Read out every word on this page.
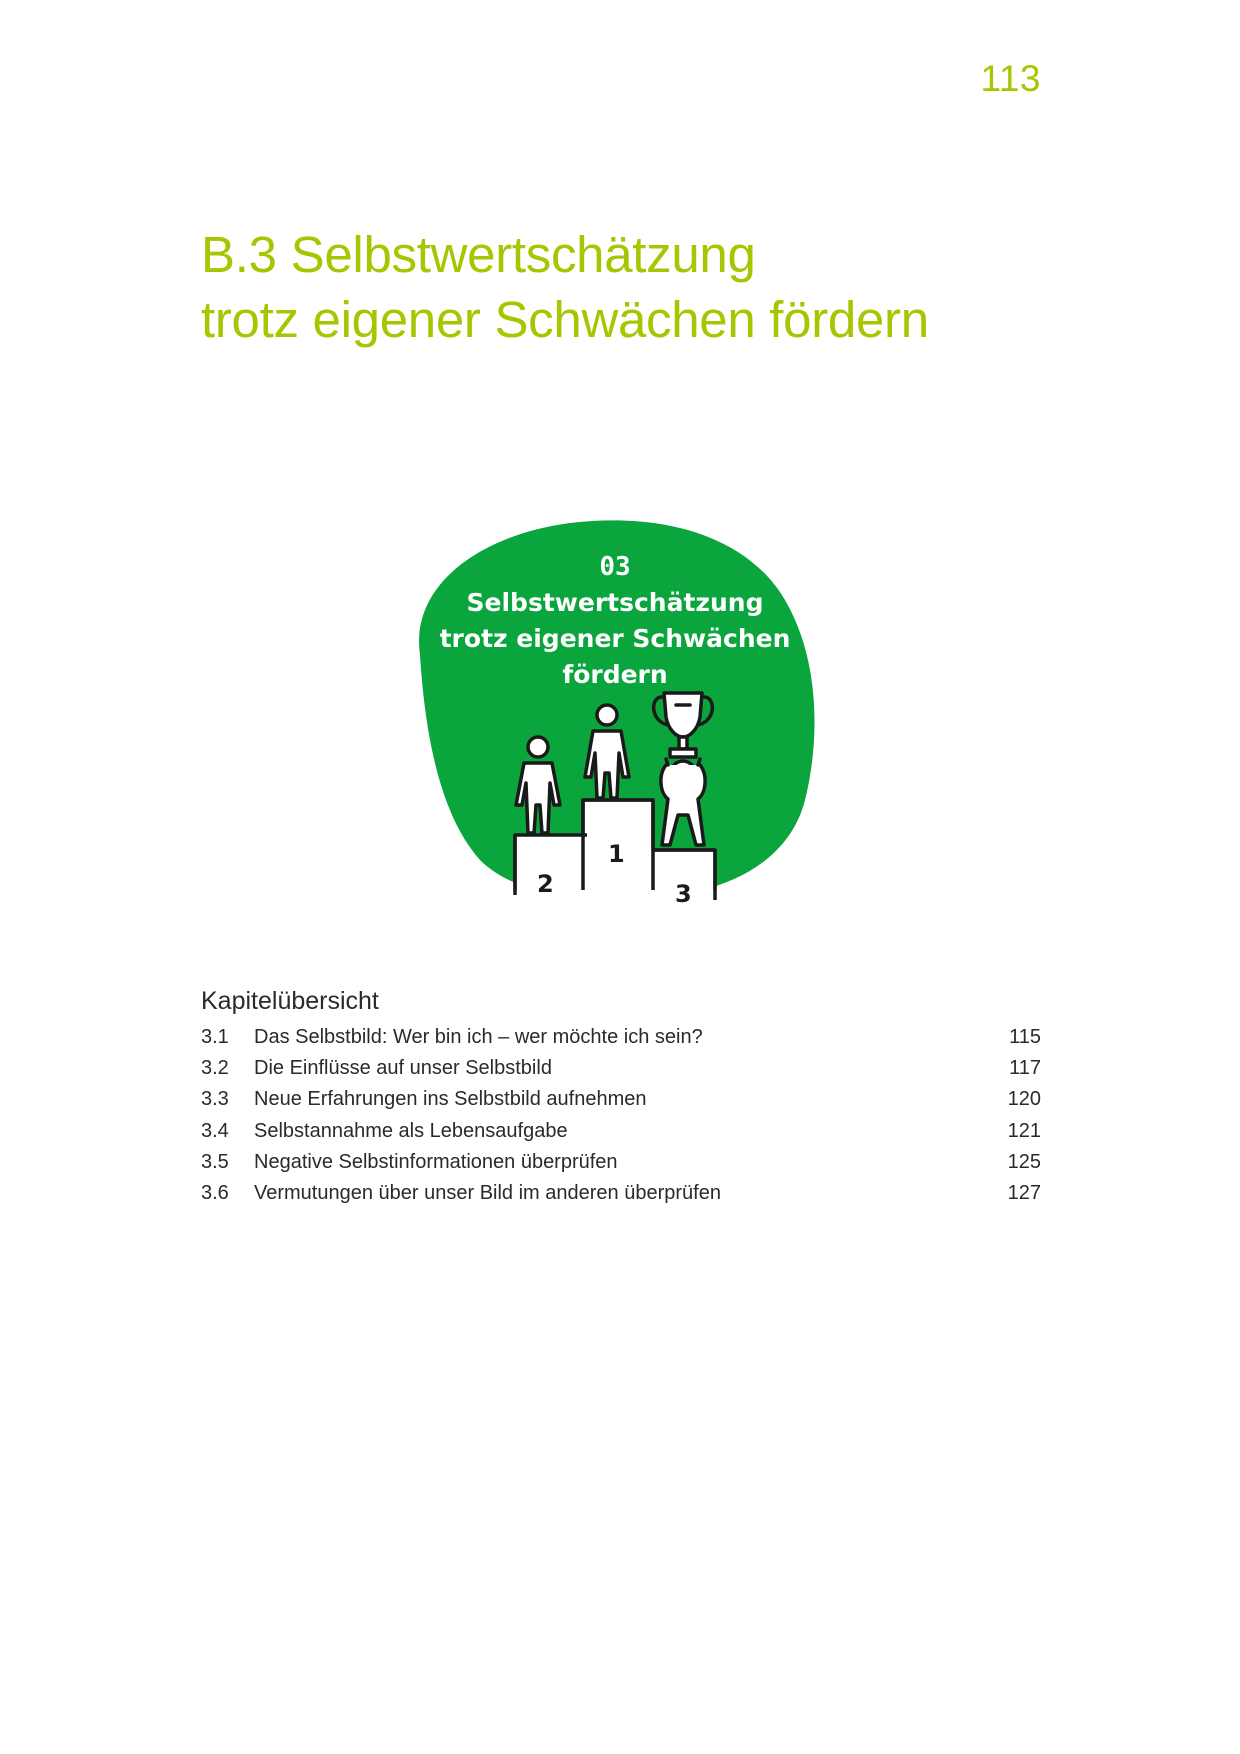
113
B.3 Selbstwertschätzung
trotz eigener Schwächen fördern
03
Selbstwertschätzung
trotz eigener Schwächen
fördern
1
2	3
Kapitelübersicht
3.1	Das Selbstbild: Wer bin ich – wer möchte ich sein?	115
3.2	Die Einflüsse auf unser Selbstbild	117
3.3	Neue Erfahrungen ins Selbstbild aufnehmen	120
3.4	Selbstannahme als Lebensaufgabe	121
3.5	Negative Selbstinformationen überprüfen	125
3.6	Vermutungen über unser Bild im anderen überprüfen	127
